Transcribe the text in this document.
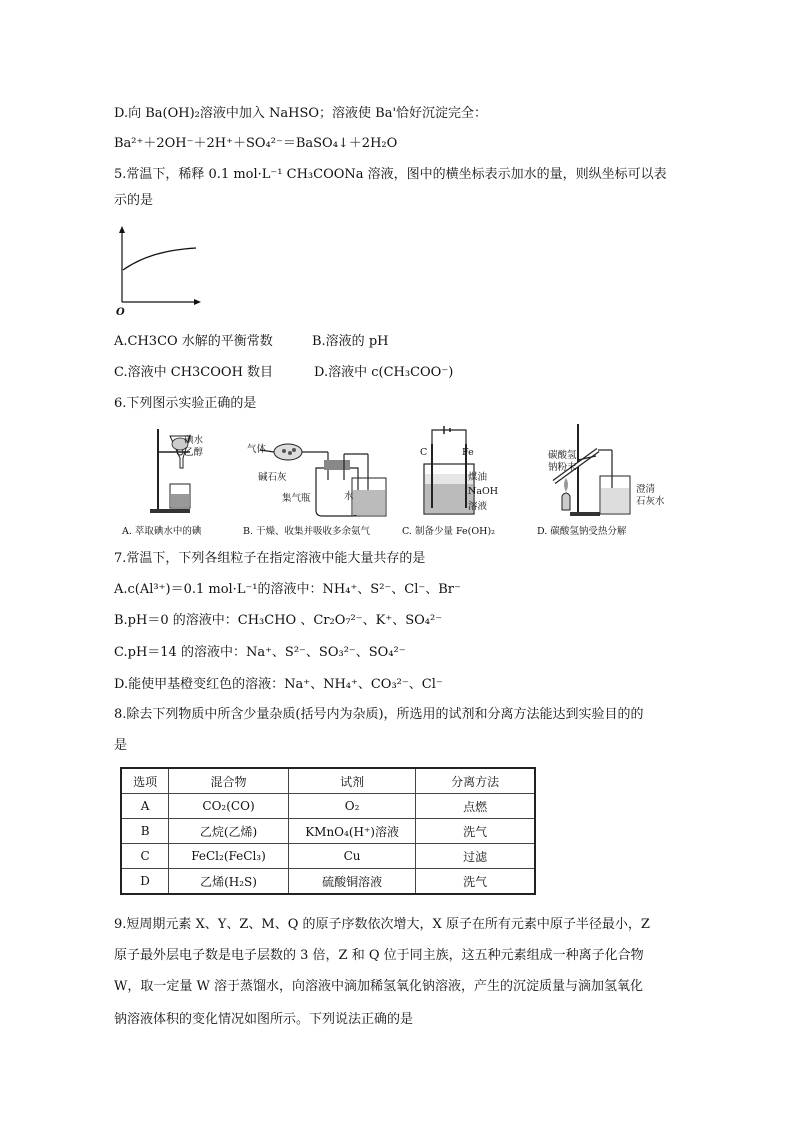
D.向 Ba(OH)₂溶液中加入 NaHSO；溶液使 Ba'恰好沉淀完全：
Ba²⁺＋2OH⁻＋2H⁺＋SO₄²⁻＝BaSO₄↓＋2H₂O
5.常温下，稀释 0.1 mol·L⁻¹ CH₃COONa 溶液，图中的横坐标表示加水的量，则纵坐标可以表
示的是
O
A.CH3CO 水解的平衡常数	B.溶液的 pH
C.溶液中 CH3COOH 数目	D.溶液中 c(CH₃COO⁻)
6.下列图示实验正确的是
碘水
乙醇	气体
碱石灰
集气瓶	水
C	Fe
煤油
NaOH
溶液
碳酸氢
钠粉末
澄清
石灰水
A. 萃取碘水中的碘	B. 干燥、收集并吸收多余氨气	C. 制备少量 Fe(OH)₂	D. 碳酸氢钠受热分解
7.常温下，下列各组粒子在指定溶液中能大量共存的是
A.c(Al³⁺)＝0.1 mol·L⁻¹的溶液中：NH₄⁺、S²⁻、Cl⁻、Br⁻
B.pH＝0 的溶液中：CH₃CHO 、Cr₂O₇²⁻、K⁺、SO₄²⁻
C.pH＝14 的溶液中：Na⁺、S²⁻、SO₃²⁻、SO₄²⁻
D.能使甲基橙变红色的溶液：Na⁺、NH₄⁺、CO₃²⁻、Cl⁻
8.除去下列物质中所含少量杂质(括号内为杂质)，所选用的试剂和分离方法能达到实验目的的
是
选项	混合物	试剂	分离方法
A	CO₂(CO)	O₂	点燃
B	乙烷(乙烯)	KMnO₄(H⁺)溶液	洗气
C	FeCl₂(FeCl₃)	Cu	过滤
D	乙烯(H₂S)	硫酸铜溶液	洗气
9.短周期元素 X、Y、Z、M、Q 的原子序数依次增大，X 原子在所有元素中原子半径最小，Z
原子最外层电子数是电子层数的 3 倍，Z 和 Q 位于同主族，这五种元素组成一种离子化合物
W，取一定量 W 溶于蒸馏水，向溶液中滴加稀氢氧化钠溶液，产生的沉淀质量与滴加氢氧化
钠溶液体积的变化情况如图所示。下列说法正确的是
